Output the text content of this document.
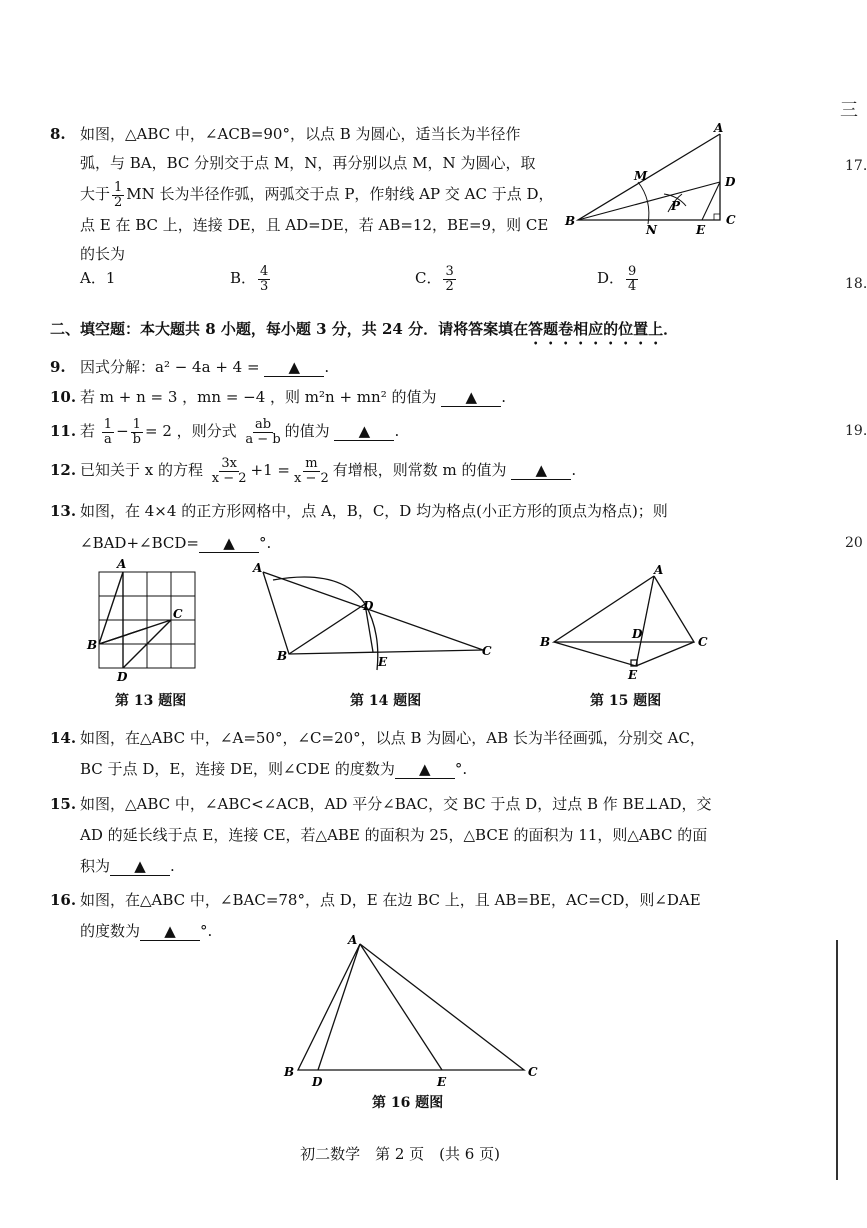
三
17.
18.
19.
20
8. 如图，△ABC 中，∠ACB=90°，以点 B 为圆心，适当长为半径作
弧，与 BA，BC 分别交于点 M，N，再分别以点 M，N 为圆心，取
大于 $\frac{1}{2}$ MN 长为半径作弧，两弧交于点 P，作射线 AP 交 AC 于点 D，
点 E 在 BC 上，连接 DE，且 AD=DE，若 AB=12，BE=9，则 CE
的长为
A．1	B． $\frac{4}{3}$	C． $\frac{3}{2}$	D． $\frac{9}{4}$
A
M	D
P
B
N	E
C
二、填空题：本大题共 8 小题，每小题 3 分，共 24 分．请将答案填在答题卷相应的位置上．
9. 因式分解：a² − 4a + 4 = ▲ .
10. 若 m + n = 3 ，mn = −4 ，则 m²n + mn² 的值为 ▲ .
11. 若 $\frac{1}{a} - \frac{1}{b} = 2$ ，则分式 $\frac{ab}{a - b}$ 的值为 ▲ .
12. 已知关于 x 的方程 $\frac{3x}{x - 2} +1 = \frac{m}{x - 2}$ 有增根，则常数 m 的值为 ▲ .
13. 如图，在 4×4 的正方形网格中，点 A，B，C，D 均为格点(小正方形的顶点为格点)；则
∠BAD+∠BCD= ▲ °.
A
B
C
D
第 13 题图
A
B	C
D
E
第 14 题图
A
B	C
D
E
第 15 题图
14. 如图，在△ABC 中，∠A=50°，∠C=20°，以点 B 为圆心，AB 长为半径画弧，分别交 AC，
BC 于点 D，E，连接 DE，则∠CDE 的度数为 ▲ °.
15. 如图，△ABC 中，∠ABC<∠ACB，AD 平分∠BAC，交 BC 于点 D，过点 B 作 BE⊥AD，交
AD 的延长线于点 E，连接 CE，若△ABE 的面积为 25，△BCE 的面积为 11，则△ABC 的面
积为 ▲ .
16. 如图，在△ABC 中，∠BAC=78°，点 D，E 在边 BC 上，且 AB=BE，AC=CD，则∠DAE
的度数为 ▲ °.	A
B	C
D	E
第 16 题图
初二数学　第 2 页　(共 6 页)
